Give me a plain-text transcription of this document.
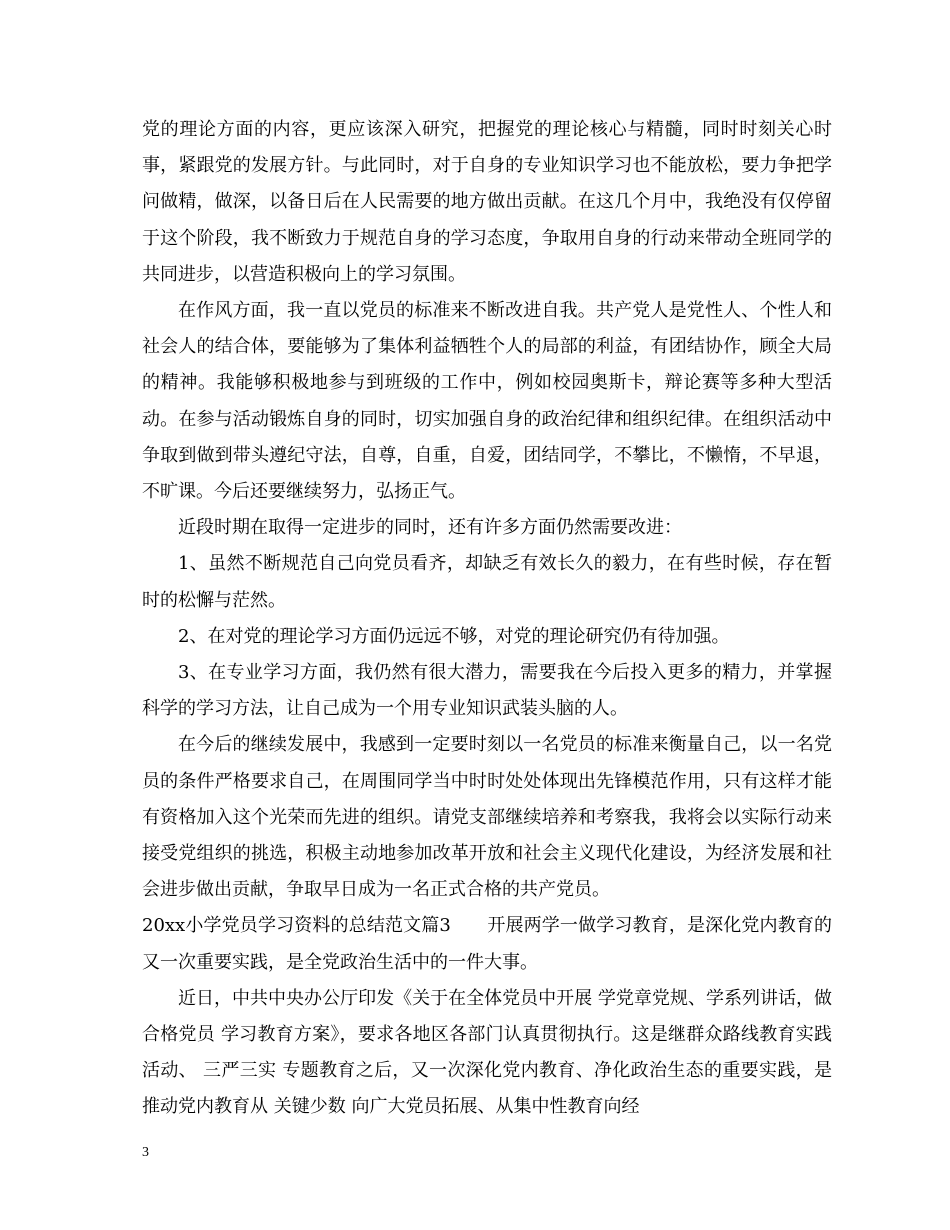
党的理论方面的内容，更应该深入研究，把握党的理论核心与精髓，同时时刻关心时事，紧跟党的发展方针。与此同时，对于自身的专业知识学习也不能放松，要力争把学问做精，做深，以备日后在人民需要的地方做出贡献。在这几个月中，我绝没有仅停留于这个阶段，我不断致力于规范自身的学习态度，争取用自身的行动来带动全班同学的共同进步，以营造积极向上的学习氛围。

在作风方面，我一直以党员的标准来不断改进自我。共产党人是党性人、个性人和社会人的结合体，要能够为了集体利益牺牲个人的局部的利益，有团结协作，顾全大局的精神。我能够积极地参与到班级的工作中，例如校园奥斯卡，辩论赛等多种大型活动。在参与活动锻炼自身的同时，切实加强自身的政治纪律和组织纪律。在组织活动中争取到做到带头遵纪守法，自尊，自重，自爱，团结同学，不攀比，不懒惰，不早退，不旷课。今后还要继续努力，弘扬正气。

近段时期在取得一定进步的同时，还有许多方面仍然需要改进：

1、虽然不断规范自己向党员看齐，却缺乏有效长久的毅力，在有些时候，存在暂时的松懈与茫然。

2、在对党的理论学习方面仍远远不够，对党的理论研究仍有待加强。

3、在专业学习方面，我仍然有很大潜力，需要我在今后投入更多的精力，并掌握科学的学习方法，让自己成为一个用专业知识武装头脑的人。

在今后的继续发展中，我感到一定要时刻以一名党员的标准来衡量自己，以一名党员的条件严格要求自己，在周围同学当中时时处处体现出先锋模范作用，只有这样才能有资格加入这个光荣而先进的组织。请党支部继续培养和考察我，我将会以实际行动来接受党组织的挑选，积极主动地参加改革开放和社会主义现代化建设，为经济发展和社会进步做出贡献，争取早日成为一名正式合格的共产党员。

20xx小学党员学习资料的总结范文篇3　　开展两学一做学习教育，是深化党内教育的又一次重要实践，是全党政治生活中的一件大事。

近日，中共中央办公厅印发《关于在全体党员中开展 学党章党规、学系列讲话，做合格党员 学习教育方案》，要求各地区各部门认真贯彻执行。这是继群众路线教育实践活动、 三严三实 专题教育之后，又一次深化党内教育、净化政治生态的重要实践，是推动党内教育从 关键少数 向广大党员拓展、从集中性教育向经

3
